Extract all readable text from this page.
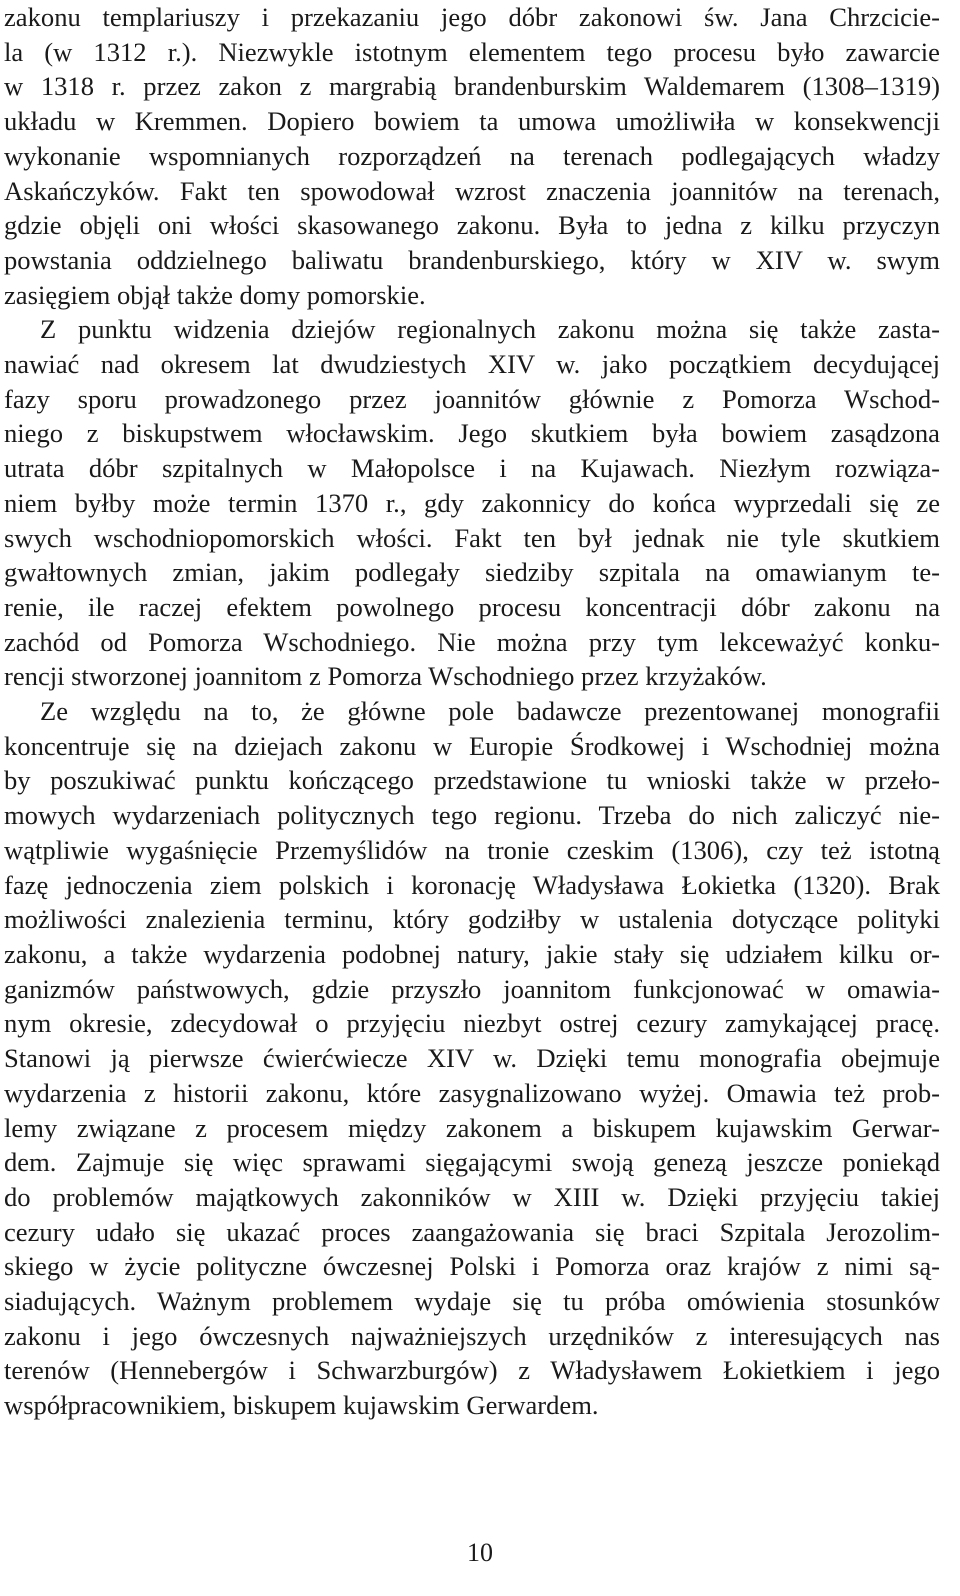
zakonu templariuszy i przekazaniu jego dóbr zakonowi św. Jana Chrzcicie-
la (w 1312 r.). Niezwykle istotnym elementem tego procesu było zawarcie
w 1318 r. przez zakon z margrabią brandenburskim Waldemarem (1308–1319)
układu w Kremmen. Dopiero bowiem ta umowa umożliwiła w konsekwencji
wykonanie wspomnianych rozporządzeń na terenach podlegających władzy
Askańczyków. Fakt ten spowodował wzrost znaczenia joannitów na terenach,
gdzie objęli oni włości skasowanego zakonu. Była to jedna z kilku przyczyn
powstania oddzielnego baliwatu brandenburskiego, który w XIV w. swym
zasięgiem objął także domy pomorskie.
Z punktu widzenia dziejów regionalnych zakonu można się także zasta-
nawiać nad okresem lat dwudziestych XIV w. jako początkiem decydującej
fazy sporu prowadzonego przez joannitów głównie z Pomorza Wschod-
niego z biskupstwem włocławskim. Jego skutkiem była bowiem zasądzona
utrata dóbr szpitalnych w Małopolsce i na Kujawach. Niezłym rozwiąza-
niem byłby może termin 1370 r., gdy zakonnicy do końca wyprzedali się ze
swych wschodniopomorskich włości. Fakt ten był jednak nie tyle skutkiem
gwałtownych zmian, jakim podlegały siedziby szpitala na omawianym te-
renie, ile raczej efektem powolnego procesu koncentracji dóbr zakonu na
zachód od Pomorza Wschodniego. Nie można przy tym lekceważyć konku-
rencji stworzonej joannitom z Pomorza Wschodniego przez krzyżaków.
Ze względu na to, że główne pole badawcze prezentowanej monografii
koncentruje się na dziejach zakonu w Europie Środkowej i Wschodniej można
by poszukiwać punktu kończącego przedstawione tu wnioski także w przeło-
mowych wydarzeniach politycznych tego regionu. Trzeba do nich zaliczyć nie-
wątpliwie wygaśnięcie Przemyślidów na tronie czeskim (1306), czy też istotną
fazę jednoczenia ziem polskich i koronację Władysława Łokietka (1320). Brak
możliwości znalezienia terminu, który godziłby w ustalenia dotyczące polityki
zakonu, a także wydarzenia podobnej natury, jakie stały się udziałem kilku or-
ganizmów państwowych, gdzie przyszło joannitom funkcjonować w omawia-
nym okresie, zdecydował o przyjęciu niezbyt ostrej cezury zamykającej pracę.
Stanowi ją pierwsze ćwierćwiecze XIV w. Dzięki temu monografia obejmuje
wydarzenia z historii zakonu, które zasygnalizowano wyżej. Omawia też prob-
lemy związane z procesem między zakonem a biskupem kujawskim Gerwar-
dem. Zajmuje się więc sprawami sięgającymi swoją genezą jeszcze poniekąd
do problemów majątkowych zakonników w XIII w. Dzięki przyjęciu takiej
cezury udało się ukazać proces zaangażowania się braci Szpitala Jerozolim-
skiego w życie polityczne ówczesnej Polski i Pomorza oraz krajów z nimi są-
siadujących. Ważnym problemem wydaje się tu próba omówienia stosunków
zakonu i jego ówczesnych najważniejszych urzędników z interesujących nas
terenów (Hennebergów i Schwarzburgów) z Władysławem Łokietkiem i jego
współpracownikiem, biskupem kujawskim Gerwardem.
10
